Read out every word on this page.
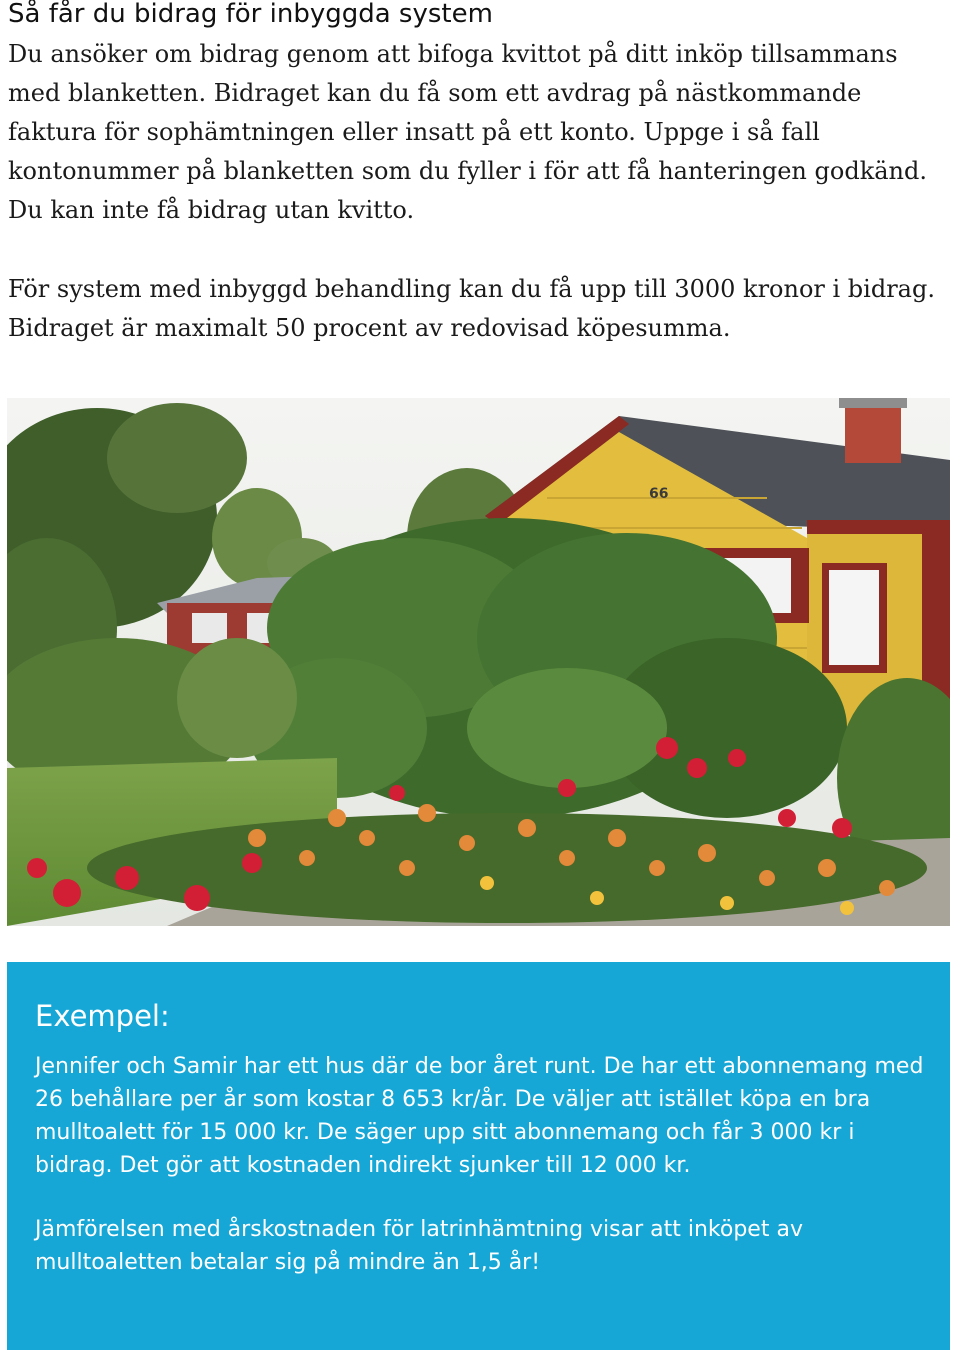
Så får du bidrag för inbyggda system

Du ansöker om bidrag genom att bifoga kvittot på ditt inköp tillsammans med blanketten. Bidraget kan du få som ett avdrag på nästkommande faktura för sophämtningen eller insatt på ett konto. Uppge i så fall kontonummer på blanketten som du fyller i för att få hanteringen godkänd. Du kan inte få bidrag utan kvitto.

För system med inbyggd behandling kan du få upp till 3000 kronor i bidrag. Bidraget är maximalt 50 procent av redovisad köpesumma.

66
Exempel:

Jennifer och Samir har ett hus där de bor året runt. De har ett abonnemang med 26 behållare per år som kostar 8 653 kr/år. De väljer att istället köpa en bra mulltoalett för 15 000 kr. De säger upp sitt abonnemang och får 3 000 kr i bidrag. Det gör att kostnaden indirekt sjunker till 12 000 kr.

Jämförelsen med årskostnaden för latrinhämtning visar att inköpet av mulltoaletten betalar sig på mindre än 1,5 år!
